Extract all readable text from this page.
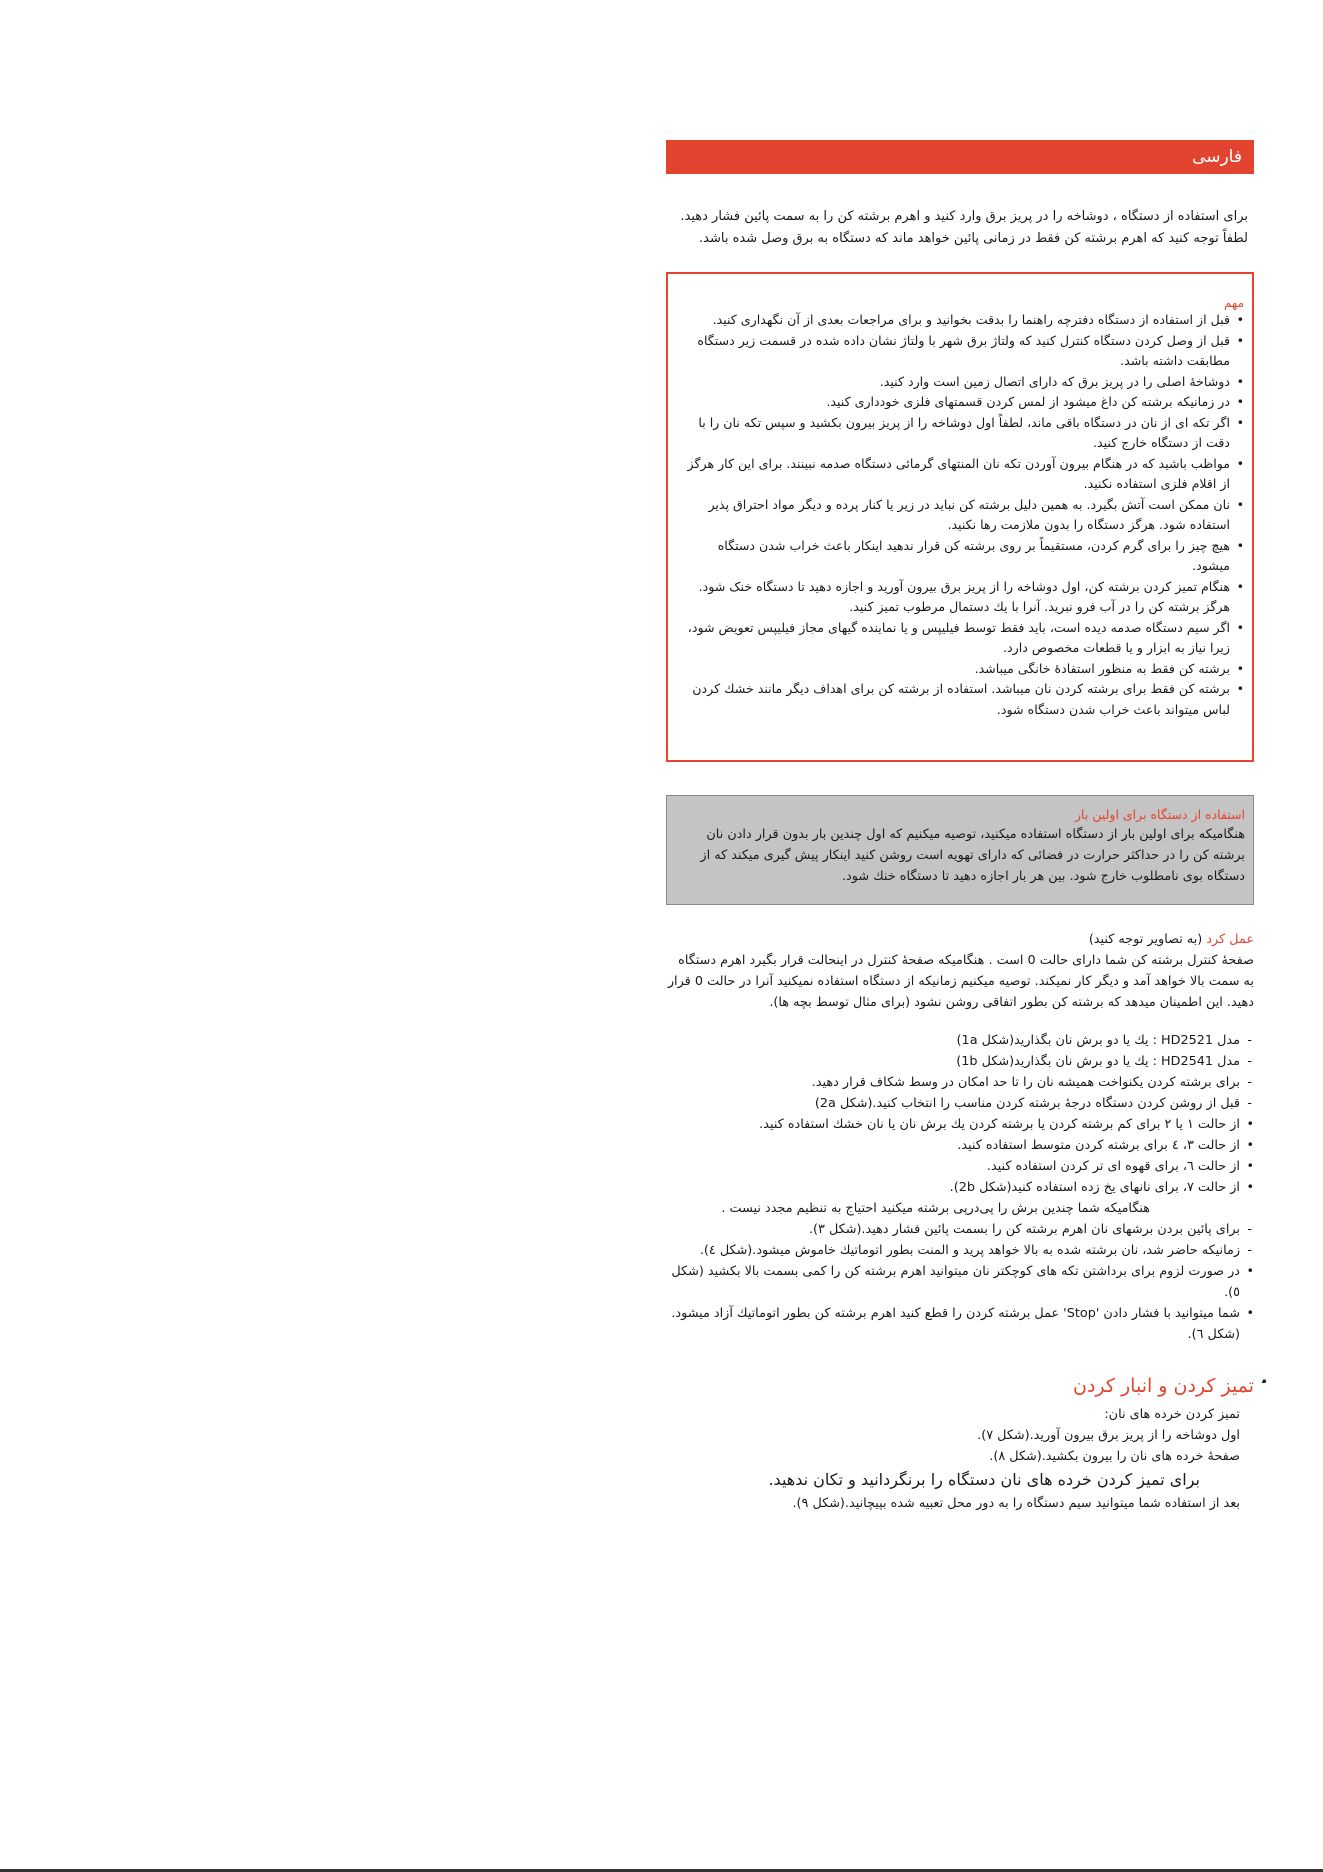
فارسی

برای استفاده از دستگاه ، دوشاخه را در پریز برق وارد کنید و اهرم برشته کن را به سمت پائین فشار دهید.

لطفاً توجه کنید که اهرم برشته کن فقط در زمانی پائین خواهد ماند که دستگاه به برق وصل شده باشد.

مهم
• قبل از استفاده از دستگاه دفترچه راهنما را بدقت بخوانید و برای مراجعات بعدی از آن نگهداری کنید.
• قبل از وصل کردن دستگاه کنترل کنید که ولتاژ برق شهر با ولتاژ نشان داده شده در قسمت زیر دستگاه مطابقت داشته باشد.
• دوشاخهٔ اصلی را در پریز برق که دارای اتصال زمین است وارد کنید.
• در زمانیکه برشته کن داغ میشود از لمس کردن قسمتهای فلزی خودداری کنید.
• اگر تکه ای از نان در دستگاه باقی ماند، لطفاً اول دوشاخه را از پریز بیرون بکشید و سپس تکه نان را با دقت از دستگاه خارج کنید.
• مواظب باشید که در هنگام بیرون آوردن تکه نان المنتهای گرمائی دستگاه صدمه نبینند. برای این کار هرگز از اقلام فلزی استفاده نکنید.
• نان ممکن است آتش بگیرد. به همین دلیل برشته کن نباید در زیر یا کنار پرده و دیگر مواد احتراق پذیر استفاده شود. هرگز دستگاه را بدون ملازمت رها نکنید.
• هیچ چیز را برای گرم کردن، مستقیماً بر روی برشته کن قرار ندهید اینکار باعث خراب شدن دستگاه میشود.
• هنگام تمیز کردن برشته کن، اول دوشاخه را از پریز برق بیرون آورید و اجازه دهید تا دستگاه خنک شود. هرگز برشته کن را در آب فرو نبرید. آنرا با یك دستمال مرطوب تمیز کنید.
• اگر سیم دستگاه صدمه دیده است، باید فقط توسط فیلیپس و یا نماینده گیهای مجاز فیلیپس تعویض شود، زیرا نیاز به ابزار و یا قطعات مخصوص دارد.
• برشته کن فقط به منظور استفادهٔ خانگی میباشد.
• برشته کن فقط برای برشته کردن نان میباشد. استفاده از برشته کن برای اهداف دیگر مانند خشك کردن لباس میتواند باعث خراب شدن دستگاه شود.
استفاده از دستگاه برای اولین بار

هنگامیکه برای اولین بار از دستگاه استفاده میکنید، توصیه میکنیم که اول چندین بار بدون قرار دادن نان برشته کن را در حداکثر حرارت در فضائی که دارای تهویه است روشن کنید اینکار پیش گیری میکند که از دستگاه بوی نامطلوب خارج شود. بین هر بار اجازه دهید تا دستگاه خنك شود.

عمل کرد (به تصاویر توجه کنید)

صفحهٔ کنترل برشته کن شما دارای حالت 0 است . هنگامیکه صفحهٔ کنترل در اینحالت قرار بگیرد اهرم دستگاه به سمت بالا خواهد آمد و دیگر کار نمیکند. توصیه میکنیم زمانیکه از دستگاه استفاده نمیکنید آنرا در حالت 0 قرار دهید. این اطمینان میدهد که برشته کن بطور اتفاقی روشن نشود (برای مثال توسط بچه ها).

- مدل HD2521 : یك یا دو برش نان بگذارید(شکل 1a)
- مدل HD2541 : یك یا دو برش نان بگذارید(شکل 1b)
- برای برشته کردن یکنواخت همیشه نان را تا حد امکان در وسط شکاف قرار دهید.
- قبل از روشن کردن دستگاه درجهٔ برشته کردن مناسب را انتخاب کنید.(شکل 2a)
• از حالت ۱ یا ۲ برای کم برشته کردن یا برشته کردن یك برش نان یا نان خشك استفاده کنید.
• از حالت ۳، ٤ برای برشته کردن متوسط استفاده کنید.
• از حالت ٦، برای قهوه ای تر کردن استفاده کنید.
• از حالت ۷، برای نانهای یخ زده استفاده کنید(شکل 2b).
هنگامیکه شما چندین برش را پی‌درپی برشته میکنید احتیاج به تنظیم مجدد نیست .
- برای پائین بردن برشهای نان اهرم برشته کن را بسمت پائین فشار دهید.(شکل ۳).
- زمانیکه حاضر شد، نان برشته شده به بالا خواهد پرید و المنت بطور اتوماتیك خاموش میشود.(شکل ٤).
• در صورت لزوم برای برداشتن تکه های کوچکتر نان میتوانید اهرم برشته کن را کمی بسمت بالا بکشید (شکل ٥).
• شما میتوانید با فشار دادن 'Stop' عمل برشته کردن را قطع کنید اهرم برشته کن بطور اتوماتیك آزاد میشود.(شکل ٦).
تمیز کردن و انبار کردن
• تمیز کردن خرده های نان:
- اول دوشاخه را از پریز برق بیرون آورید.(شکل ۷).
- صفحهٔ خرده های نان را بیرون بکشید.(شکل ۸).
برای تمیز کردن خرده های نان دستگاه را برنگردانید و تکان ندهید.
- بعد از استفاده شما میتوانید سیم دستگاه را به دور محل تعبیه شده بپیچانید.(شکل ۹).
